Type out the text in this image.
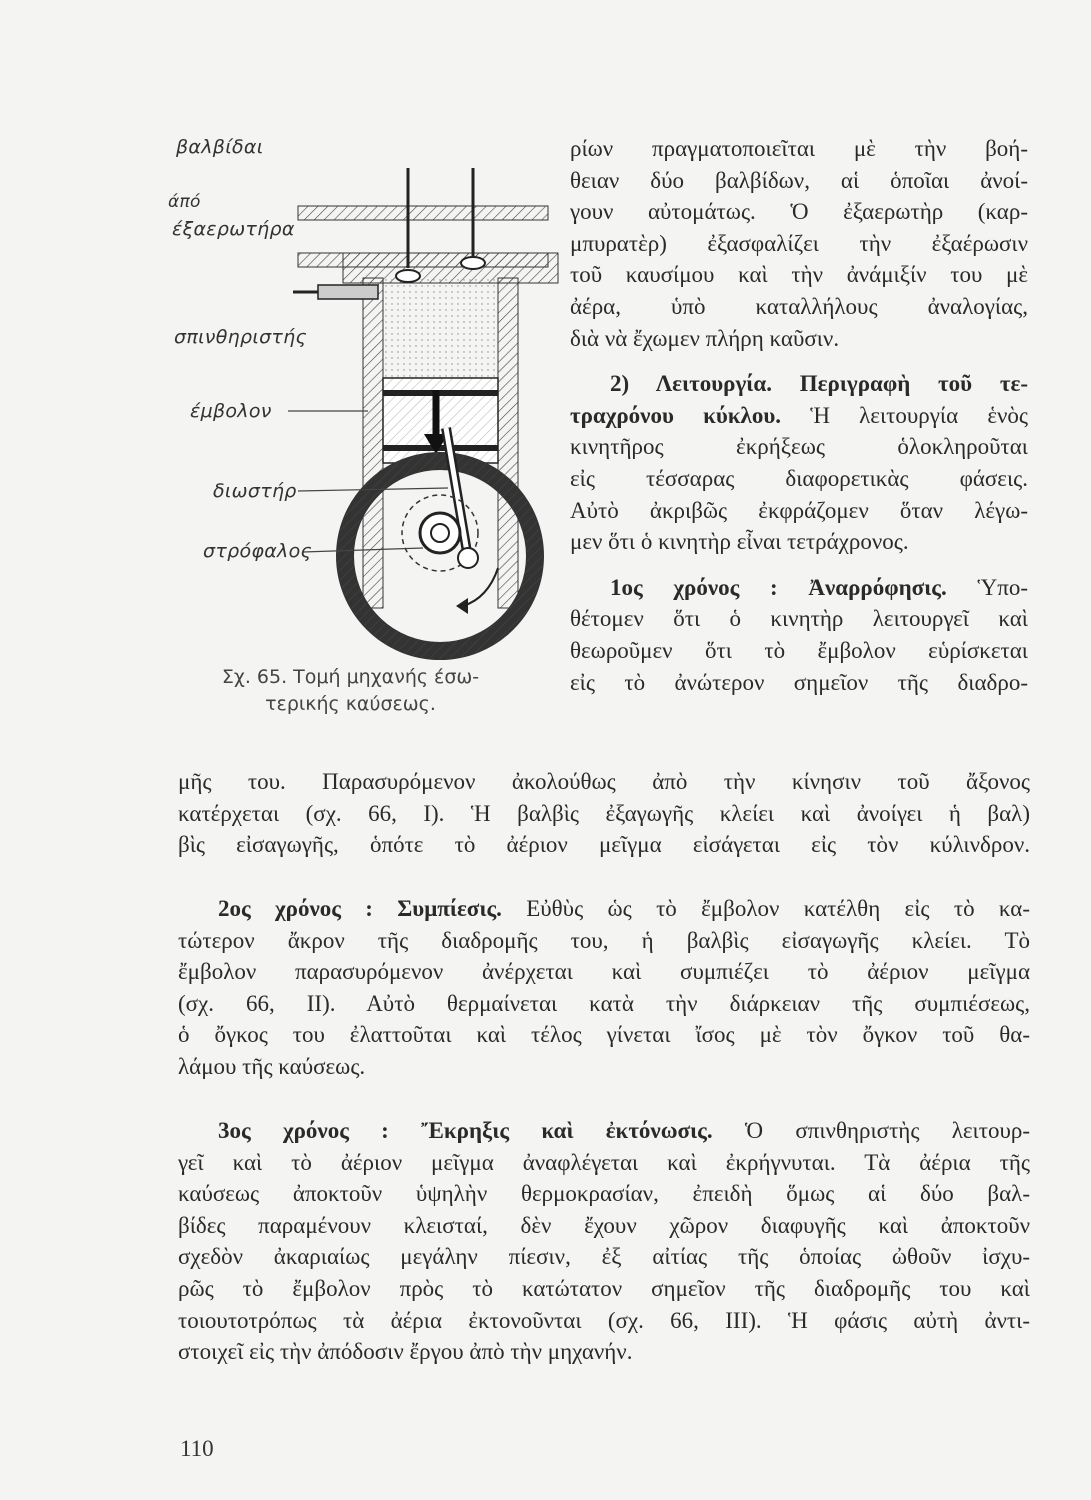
βαλβίδαι
άπό
έξαερωτήρα
σπινθηριστής
έμβολον
διωστήρ
στρόφαλος
Σχ. 65. Τομή μηχανής έσω-
τερικής καύσεως.

ρίων πραγματοποιεῖται μὲ τὴν βοή-
θειαν δύο βαλβίδων, αἱ ὁποῖαι ἀνοί-
γουν αὐτομάτως. Ὁ ἐξαερωτὴρ (καρ-
μπυρατὲρ) ἐξασφαλίζει τὴν ἐξαέρωσιν
τοῦ καυσίμου καὶ τὴν ἀνάμιξίν του μὲ
ἀέρα, ὑπὸ καταλλήλους ἀναλογίας,
διὰ νὰ ἔχωμεν πλήρη καῦσιν.

2) Λειτουργία. Περιγραφὴ τοῦ τε-
τραχρόνου κύκλου. Ἡ λειτουργία ἑνὸς
κινητῆρος ἐκρήξεως ὁλοκληροῦται
εἰς τέσσαρας διαφορετικὰς φάσεις.
Αὐτὸ ἀκριβῶς ἐκφράζομεν ὅταν λέγω-
μεν ὅτι ὁ κινητὴρ εἶναι τετράχρονος.

1ος χρόνος : Ἀναρρόφησις. Ὑπο-
θέτομεν ὅτι ὁ κινητὴρ λειτουργεῖ καὶ
θεωροῦμεν ὅτι τὸ ἔμβολον εὑρίσκεται
εἰς τὸ ἀνώτερον σημεῖον τῆς διαδρο-

μῆς του. Παρασυρόμενον ἀκολούθως ἀπὸ τὴν κίνησιν τοῦ ἄξονος
κατέρχεται (σχ. 66, Ι). Ἡ βαλβὶς ἐξαγωγῆς κλείει καὶ ἀνοίγει ἡ βαλ)
βὶς εἰσαγωγῆς, ὁπότε τὸ ἀέριον μεῖγμα εἰσάγεται εἰς τὸν κύλινδρον.

2ος χρόνος : Συμπίεσις. Εὐθὺς ὡς τὸ ἔμβολον κατέλθη εἰς τὸ κα-
τώτερον ἄκρον τῆς διαδρομῆς του, ἡ βαλβὶς εἰσαγωγῆς κλείει. Τὸ
ἔμβολον παρασυρόμενον ἀνέρχεται καὶ συμπιέζει τὸ ἀέριον μεῖγμα
(σχ. 66, ΙΙ). Αὐτὸ θερμαίνεται κατὰ τὴν διάρκειαν τῆς συμπιέσεως,
ὁ ὄγκος του ἐλαττοῦται καὶ τέλος γίνεται ἴσος μὲ τὸν ὄγκον τοῦ θα-
λάμου τῆς καύσεως.

3ος χρόνος : Ἔκρηξις καὶ ἐκτόνωσις. Ὁ σπινθηριστὴς λειτουρ-
γεῖ καὶ τὸ ἀέριον μεῖγμα ἀναφλέγεται καὶ ἐκρήγνυται. Τὰ ἀέρια τῆς
καύσεως ἀποκτοῦν ὑψηλὴν θερμοκρασίαν, ἐπειδὴ ὅμως αἱ δύο βαλ-
βίδες παραμένουν κλεισταί, δὲν ἔχουν χῶρον διαφυγῆς καὶ ἀποκτοῦν
σχεδὸν ἀκαριαίως μεγάλην πίεσιν, ἐξ αἰτίας τῆς ὁποίας ὠθοῦν ἰσχυ-
ρῶς τὸ ἔμβολον πρὸς τὸ κατώτατον σημεῖον τῆς διαδρομῆς του καὶ
τοιουτοτρόπως τὰ ἀέρια ἐκτονοῦνται (σχ. 66, ΙΙΙ). Ἡ φάσις αὐτὴ ἀντι-
στοιχεῖ εἰς τὴν ἀπόδοσιν ἔργου ἀπὸ τὴν μηχανήν.

110
